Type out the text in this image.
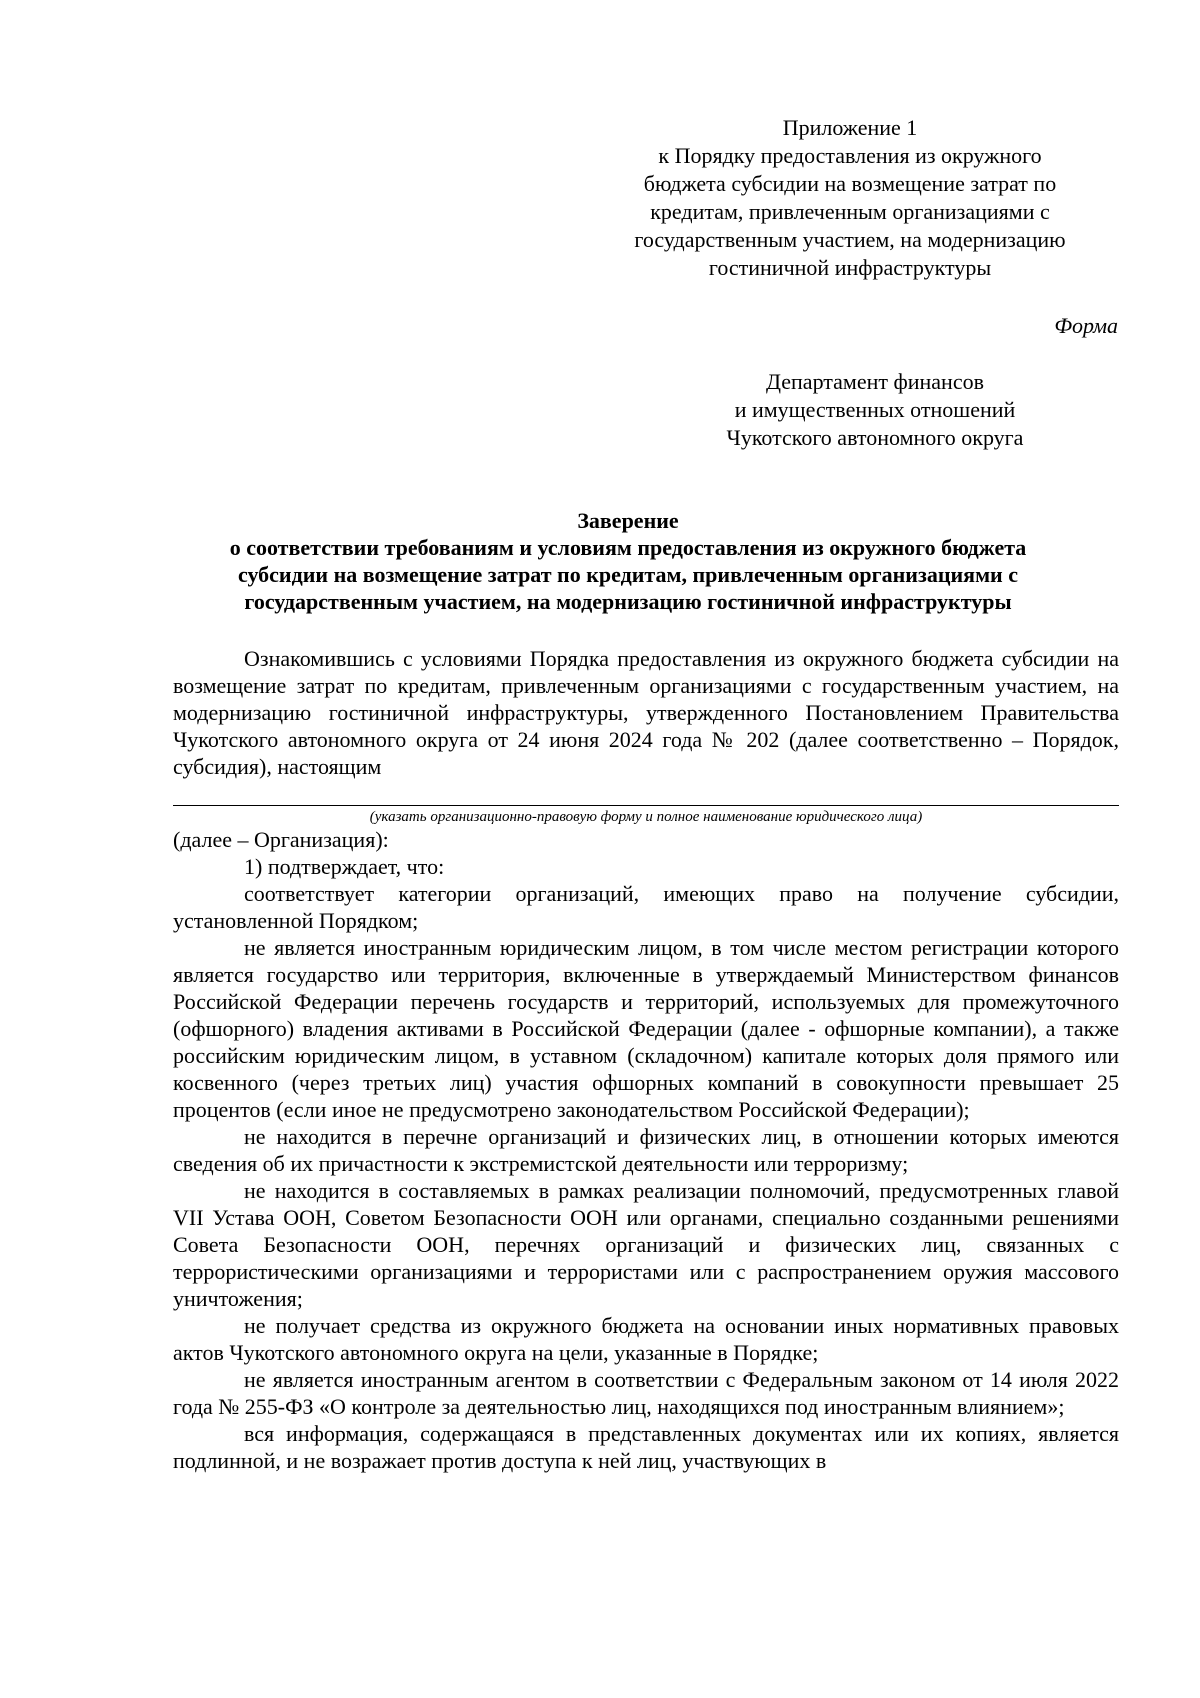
Приложение 1
к Порядку предоставления из окружного
бюджета субсидии на возмещение затрат по
кредитам, привлеченным организациями с
государственным участием, на модернизацию
гостиничной инфраструктуры
Форма
Департамент финансов
и имущественных отношений
Чукотского автономного округа
Заверение
о соответствии требованиям и условиям предоставления из окружного бюджета
субсидии на возмещение затрат по кредитам, привлеченным организациями с
государственным участием, на модернизацию гостиничной инфраструктуры

Ознакомившись с условиями Порядка предоставления из окружного бюджета субсидии на возмещение затрат по кредитам, привлеченным организациями с государственным участием, на модернизацию гостиничной инфраструктуры, утвержденного Постановлением Правительства Чукотского автономного округа от 24 июня 2024 года № 202 (далее соответственно – Порядок, субсидия), настоящим

(указать организационно-правовую форму и полное наименование юридического лица)

(далее – Организация):

1) подтверждает, что:

соответствует категории организаций, имеющих право на получение субсидии, установленной Порядком;

не является иностранным юридическим лицом, в том числе местом регистрации которого является государство или территория, включенные в утверждаемый Министерством финансов Российской Федерации перечень государств и территорий, используемых для промежуточного (офшорного) владения активами в Российской Федерации (далее - офшорные компании), а также российским юридическим лицом, в уставном (складочном) капитале которых доля прямого или косвенного (через третьих лиц) участия офшорных компаний в совокупности превышает 25 процентов (если иное не предусмотрено законодательством Российской Федерации);

не находится в перечне организаций и физических лиц, в отношении которых имеются сведения об их причастности к экстремистской деятельности или терроризму;

не находится в составляемых в рамках реализации полномочий, предусмотренных главой VII Устава ООН, Советом Безопасности ООН или органами, специально созданными решениями Совета Безопасности ООН, перечнях организаций и физических лиц, связанных с террористическими организациями и террористами или с распространением оружия массового уничтожения;

не получает средства из окружного бюджета на основании иных нормативных правовых актов Чукотского автономного округа на цели, указанные в Порядке;

не является иностранным агентом в соответствии с Федеральным законом от 14 июля 2022 года № 255-ФЗ «О контроле за деятельностью лиц, находящихся под иностранным влиянием»;

вся информация, содержащаяся в представленных документах или их копиях, является подлинной, и не возражает против доступа к ней лиц, участвующих в
